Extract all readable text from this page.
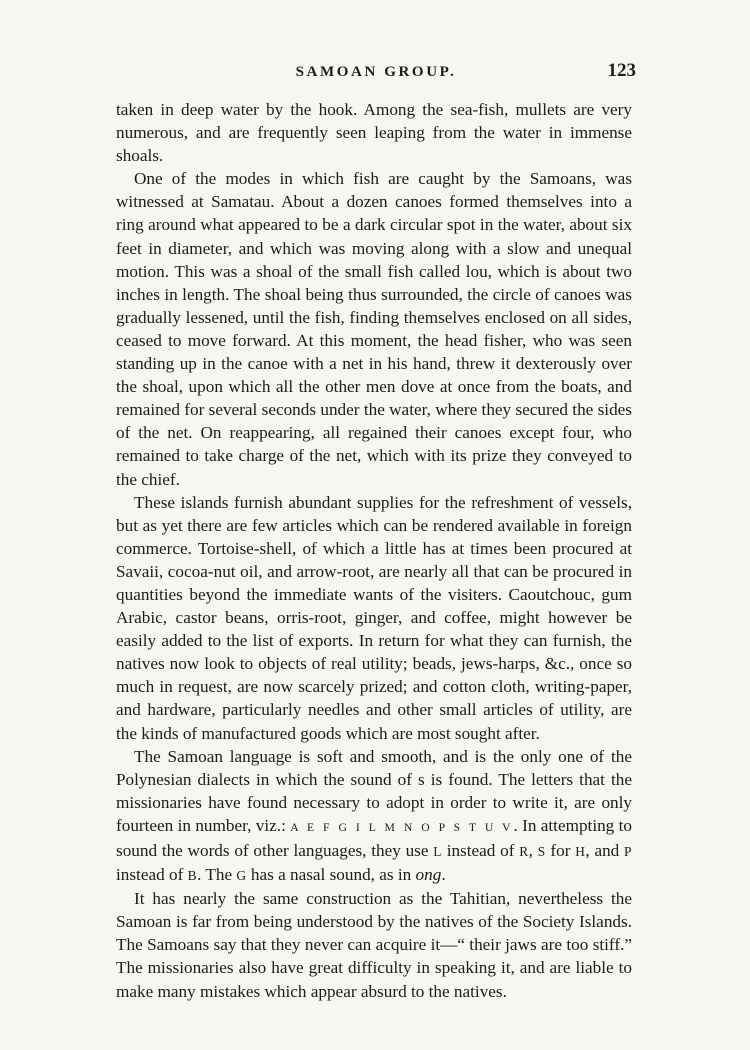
SAMOAN GROUP.	123

taken in deep water by the hook. Among the sea-fish, mullets are very numerous, and are frequently seen leaping from the water in immense shoals.

One of the modes in which fish are caught by the Samoans, was witnessed at Samatau. About a dozen canoes formed themselves into a ring around what appeared to be a dark circular spot in the water, about six feet in diameter, and which was moving along with a slow and unequal motion. This was a shoal of the small fish called lou, which is about two inches in length. The shoal being thus surrounded, the circle of canoes was gradually lessened, until the fish, finding themselves enclosed on all sides, ceased to move forward. At this moment, the head fisher, who was seen standing up in the canoe with a net in his hand, threw it dexterously over the shoal, upon which all the other men dove at once from the boats, and remained for several seconds under the water, where they secured the sides of the net. On reappearing, all regained their canoes except four, who remained to take charge of the net, which with its prize they conveyed to the chief.

These islands furnish abundant supplies for the refreshment of vessels, but as yet there are few articles which can be rendered available in foreign commerce. Tortoise-shell, of which a little has at times been procured at Savaii, cocoa-nut oil, and arrow-root, are nearly all that can be procured in quantities beyond the immediate wants of the visiters. Caoutchouc, gum Arabic, castor beans, orris-root, ginger, and coffee, might however be easily added to the list of exports. In return for what they can furnish, the natives now look to objects of real utility; beads, jews-harps, &c., once so much in request, are now scarcely prized; and cotton cloth, writing-paper, and hardware, particularly needles and other small articles of utility, are the kinds of manufactured goods which are most sought after.

The Samoan language is soft and smooth, and is the only one of the Polynesian dialects in which the sound of s is found. The letters that the missionaries have found necessary to adopt in order to write it, are only fourteen in number, viz.: A E F G I L M N O P S T U V. In attempting to sound the words of other languages, they use L instead of R, S for H, and P instead of B. The G has a nasal sound, as in ong.

It has nearly the same construction as the Tahitian, nevertheless the Samoan is far from being understood by the natives of the Society Islands. The Samoans say that they never can acquire it—“ their jaws are too stiff.” The missionaries also have great difficulty in speaking it, and are liable to make many mistakes which appear absurd to the natives.
